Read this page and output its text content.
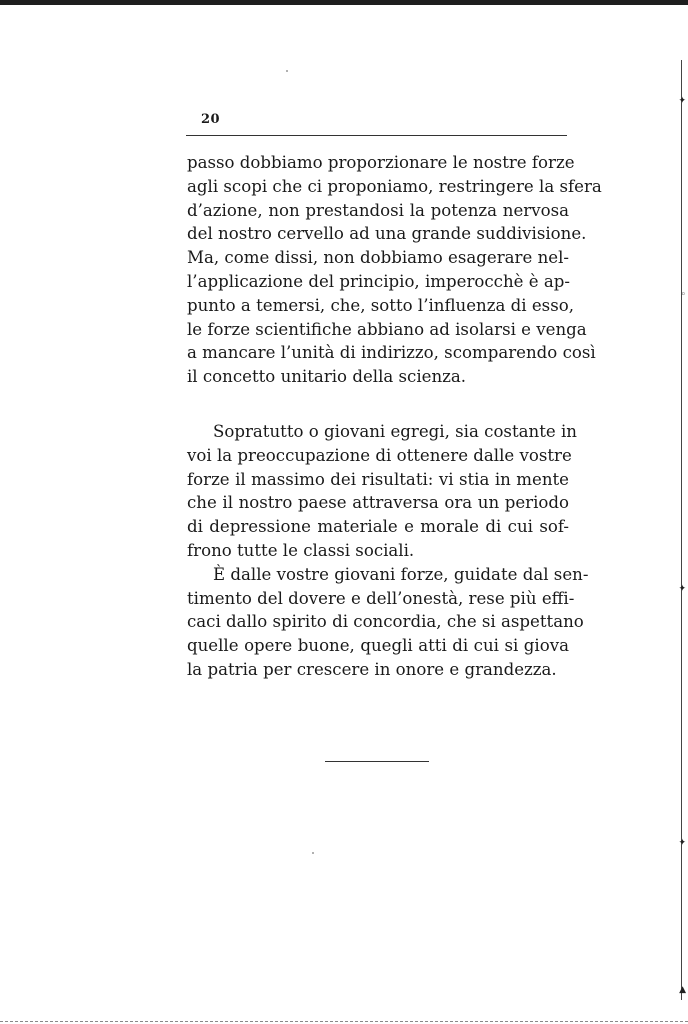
✦
◦
✦
✦
▲
20
passo dobbiamo proporzionare le nostre forze
agli scopi che ci proponiamo, restringere la sfera
d’azione, non prestandosi la potenza nervosa
del nostro cervello ad una grande suddivisione.
Ma, come dissi, non dobbiamo esagerare nel-
l’applicazione del principio, imperocchè è ap-
punto a temersi, che, sotto l’influenza di esso,
le forze scientifiche abbiano ad isolarsi e venga
a mancare l’unità di indirizzo, scomparendo così
il concetto unitario della scienza.
Sopratutto o giovani egregi, sia costante in
voi la preoccupazione di ottenere dalle vostre
forze il massimo dei risultati: vi stia in mente
che il nostro paese attraversa ora un periodo
di depressione materiale e morale di cui sof-
frono tutte le classi sociali.
È dalle vostre giovani forze, guidate dal sen-
timento del dovere e dell’onestà, rese più effi-
caci dallo spirito di concordia, che si aspettano
quelle opere buone, quegli atti di cui si giova
la patria per crescere in onore e grandezza.
